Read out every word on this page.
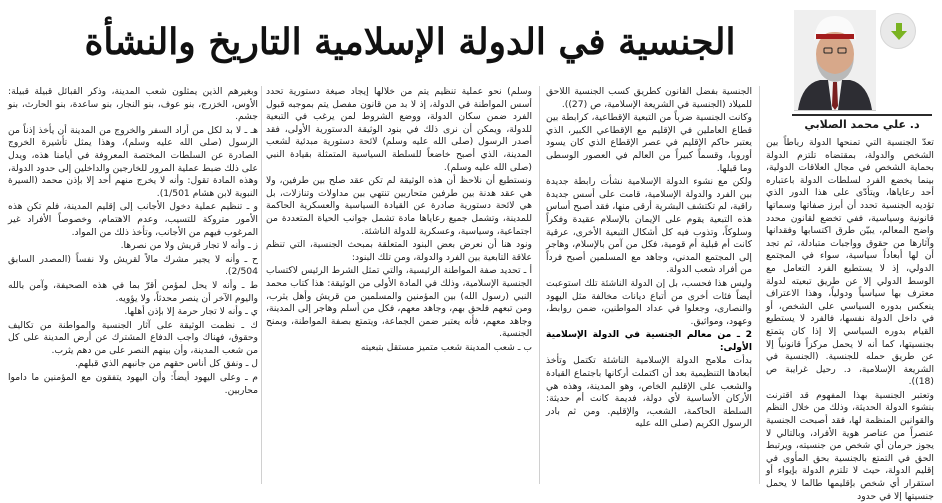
الجنسية في الدولة الإسلامية التاريخ والنشأة
د. علي محمد الصلابي

تعدّ الجنسية التي تمنحها الدولة رباطاً بين الشخص والدولة، بمقتضاه تلتزم الدولة بحماية الشخص في مجال العلاقات الدولية، بينما يخضع الفرد لسلطات الدولة باعتباره أحد رعاياها، ويتأدّى على هذا الدور الذي تؤديه الجنسية تحدد أن أبرز صفاتها وسماتها قانونية وسياسية، ففي تخضع لقانون محدد واضح المعالم، يبيّن طرق اكتسابها وفقدانها وآثارها من حقوق وواجبات متبادلة، ثم تجد أن لها أبعاداً سياسية، سواء في المجتمع الدولي، إذ لا يستطيع الفرد التعامل مع الوسط الدولي إلا عن طريق تبعيته لدولة معترف بها سياسياً ودولياً، وهذا الاعتراف ينعكس بدوره السياسي على الشخص، أو في داخل الدولة نفسها، فالفرد لا يستطيع القيام بدوره السياسي إلا إذا كان يتمتع بجنسيتها، كما أنه لا يحمل مركزاً قانونياً إلا عن طريق حمله للجنسية. (الجنسية في الشريعة الإسلامية، د. رحيل غرايبة ص (18)).

وتعتبر الجنسية بهذا المفهوم قد اقترنت بنشوء الدولة الحديثة، وذلك من خلال النظم والقوانين المنظمة لها، فقد أصبحت الجنسية عنصراً من عناصر هوية الأفراد، وبالتالي لا يجوز حرمان أي شخص من جنسيته، ويرتبط الحق في التمتع بالجنسية بحق المأوى في إقليم الدولة، حيث لا تلتزم الدولة بإيواء أو استقرار أي شخص بإقليمها طالما لا يحمل جنسيتها إلا في حدود

الجنسية بفضل القانون كطريق كسب الجنسية اللاحق للميلاد (الجنسية في الشريعة الإسلامية، ص (27)).

وكانت الجنسية ضرباً من التبعية الإقطاعية، كرابطة بين قطاع العاملين في الإقليم مع الإقطاعي الكبير، الذي يعتبر حاكم الإقليم في عصر الإقطاع الذي كان يسود أوروبا، وقسماً كبيراً من العالم في العصور الوسطى وما قبلها.

ولكن مع نشوء الدولة الإسلامية نشأت رابطة جديدة بين الفرد والدولة الإسلامية، قامت على أسس جديدة راقية، لم تكتشف البشرية أرقى منها، فقد أصبح أساس هذه التبعية يقوم على الإيمان بالإسلام عقيدة وفكراً وسلوكاً، وتذوب فيه كل أشكال التبعية الأخرى، عرقية كانت أم قبلية أم قومية، فكل من آمن بالإسلام، وهاجر إلى المجتمع المدني، وجاهد مع المسلمين أصبح فرداً من أفراد شعب الدولة.

وليس هذا فحسب، بل إن الدولة الناشئة تلك استوعبت أيضاً فئات أخرى من أتباع ديانات مخالفة مثل اليهود والنصارى، وجعلوا في عداد المواطنين، ضمن روابط، وعهود، ومواثيق.

2 ـ من معالم الجنسية في الدولة الإسلامية الأولى:

بدأت ملامح الدولة الإسلامية الناشئة تكتمل وتأخذ أبعادها التنظيمية بعد أن اكتملت أركانها باجتماع القيادة والشعب على الإقليم الخاص، وهو المدينة، وهذه هي الأركان الأساسية لأي دولة، فديمة كانت أم حديثة: السلطة الحاكمة، الشعب، والإقليم. ومن ثم بادر الرسول الكريم (صلى الله عليه

وسلم) نحو عملية تنظيم يتم من خلالها إيجاد صيغة دستورية تحدد أسس المواطنة في الدولة، إذ لا بد من قانون مفصل يتم بموجبه قبول الفرد ضمن سكان الدولة، ووضع الشروط لمن يرغب في التبعية للدولة، ويمكن أن نرى ذلك في بنود الوثيقة الدستورية الأولى، فقد أصدر الرسول (صلى الله عليه وسلم) لائحة دستورية مبدئية لشعب المدينة، الذي أصبح خاضعاً للسلطة السياسية المتمثلة بقيادة النبي (صلى الله عليه وسلم).

ونستطيع أن نلاحظ أن هذه الوثيقة لم تكن عقد صلح بين طرفين، ولا هي عقد هدنة بين طرفين متحاربين تنتهي بين مداولات وتنازلات، بل هي لائحة دستورية صادرة عن القيادة السياسية والعسكرية الحاكمة للمدينة، وتشمل جميع رعاياها مادة تشمل جوانب الحياة المتعددة من اجتماعية، وسياسية، وعسكرية للدولة الناشئة.

ونود هنا أن نعرض بعض البنود المتعلقة بمبحث الجنسية، التي تنظم علاقة التابعية بين الفرد والدولة، ومن تلك البنود:

أ ـ تحديد صفة المواطنة الرئيسية، والتي تمثل الشرط الرئيس لاكتساب الجنسية الإسلامية، وذلك في المادة الأولى من الوثيقة: هذا كتاب محمد النبي (رسول الله) بين المؤمنين والمسلمين من قريش وأهل يثرب، ومن تبعهم فلحق بهم، وجاهد معهم، فكل من أسلم وهاجر إلى المدينة، وجاهد معهم، فأنه يعتبر ضمن الجماعة، ويتمتع بصفة المواطنة، وبمنح الجنسية.

ب ـ شعب المدينة شعب متميز مستقل بتبعيته

وبغيرهم الذين يمثلون شعب المدينة، وذكر القبائل قبيلة قبيلة: الأوس، الخزرج، بنو عوف، بنو النجار، بنو ساعدة، بنو الحارث، بنو جشم.

هـ ـ لا بد لكل من أراد السفر والخروج من المدينة أن يأخذ إذناً من الرسول (صلى الله عليه وسلم)، وهذا يمثل تأشيرة الخروج الصادرة عن السلطات المختصة المعروفة في أيامنا هذه، ويدل على ذلك ضبط عملية المرور للخارجين والداخلين إلى حدود الدولة، وهذه المادة تقول: وأنه لا يخرج منهم أحد إلا بإذن محمد (السيرة النبوية لابن هشام 1/501).

و ـ تنظيم عملية دخول الأجانب إلى إقليم المدينة، فلم تكن هذه الأمور متروكة للتسيب، وعدم الاهتمام، وخصوصاً الأفراد غير المرغوب فيهم من الأجانب، وتأخذ ذلك من المواد.

ز ـ وأنه لا تجار قريش ولا من نصرها.

ح ـ وأنه لا يجير مشرك مالاً لقريش ولا نفساً (المصدر السابق 2/504).

ط ـ وأنه لا يحل لمؤمن أقرّ بما في هذه الصحيفة، وآمن بالله واليوم الآخر أن ينصر محدثاً، ولا يؤويه.

ي ـ وأنه لا تجار حرمة إلا بإذن أهلها.

ك ـ نظمت الوثيقة على آثار الجنسية والمواطنة من تكاليف وحقوق، فهناك واجب الدفاع المشترك عن أرض المدينة على كل من شعب المدينة، وأن بينهم النصر على من دهم يثرب.

ل ـ ونفق كل أناس حقهم من جانبهم الذي قبلهم.

م ـ وعلى اليهود أيضاً: وأن اليهود يتفقون مع المؤمنين ما داموا محاربين.
